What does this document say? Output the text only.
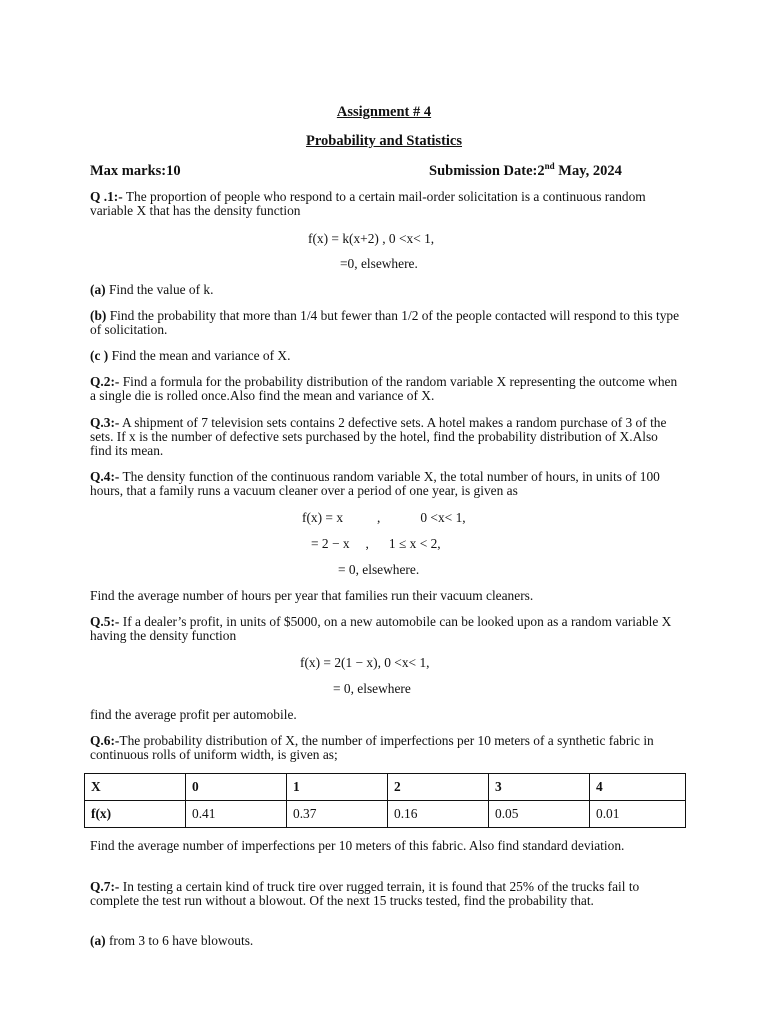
Assignment # 4
Probability and Statistics
Max marks:10	Submission Date:2nd May, 2024
Q .1:- The proportion of people who respond to a certain mail-order solicitation is a continuous random variable X that has the density function
f(x) = k(x+2) , 0 <x< 1,
=0, elsewhere.
(a) Find the value of k.
(b) Find the probability that more than 1/4 but fewer than 1/2 of the people contacted will respond to this type of solicitation.
(c ) Find the mean and variance of X.
Q.2:- Find a formula for the probability distribution of the random variable X representing the outcome when a single die is rolled once.Also find the mean and variance of X.
Q.3:- A shipment of 7 television sets contains 2 defective sets. A hotel makes a random purchase of 3 of the sets. If x is the number of defective sets purchased by the hotel, find the probability distribution of X.Also find its mean.
Q.4:- The density function of the continuous random variable X, the total number of hours, in units of 100 hours, that a family runs a vacuum cleaner over a period of one year, is given as
f(x) = x	,	0 <x< 1,
= 2 − x , 1 ≤ x < 2,
= 0, elsewhere.
Find the average number of hours per year that families run their vacuum cleaners.
Q.5:- If a dealer’s profit, in units of $5000, on a new automobile can be looked upon as a random variable X having the density function
f(x) = 2(1 − x), 0 <x< 1,
= 0, elsewhere
find the average profit per automobile.
Q.6:-The probability distribution of X, the number of imperfections per 10 meters of a synthetic fabric in continuous rolls of uniform width, is given as;
X	0	1	2	3	4
f(x)	0.41	0.37	0.16	0.05	0.01
Find the average number of imperfections per 10 meters of this fabric. Also find standard deviation.
Q.7:- In testing a certain kind of truck tire over rugged terrain, it is found that 25% of the trucks fail to complete the test run without a blowout. Of the next 15 trucks tested, find the probability that.
(a) from 3 to 6 have blowouts.
